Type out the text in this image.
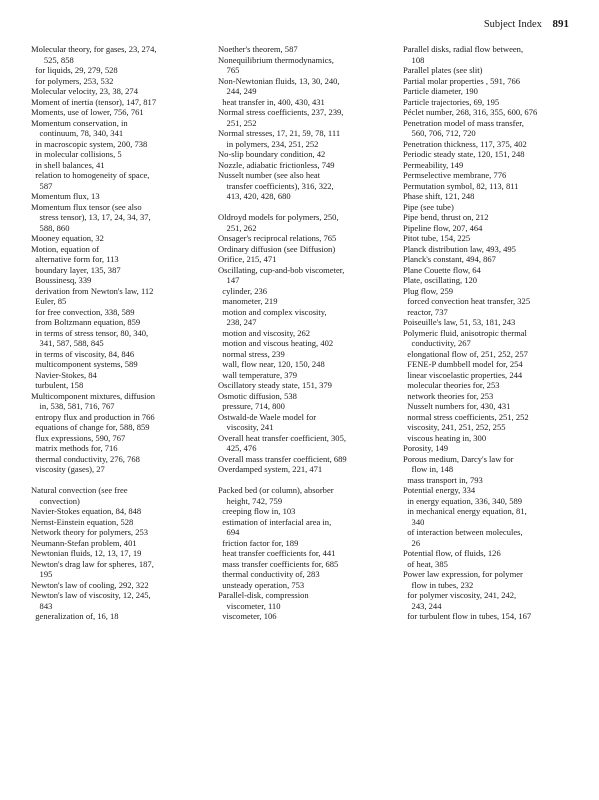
Subject Index 891
Molecular theory, for gases, 23, 274,
525, 858
for liquids, 29, 279, 528
for polymers, 253, 532
Molecular velocity, 23, 38, 274
Moment of inertia (tensor), 147, 817
Moments, use of lower, 756, 761
Momentum conservation, in
continuum, 78, 340, 341
in macroscopic system, 200, 738
in molecular collisions, 5
in shell balances, 41
relation to homogeneity of space,
587
Momentum flux, 13
Momentum flux tensor (see also
stress tensor), 13, 17, 24, 34, 37,
588, 860
Mooney equation, 32
Motion, equation of
alternative form for, 113
boundary layer, 135, 387
Boussinesq, 339
derivation from Newton's law, 112
Euler, 85
for free convection, 338, 589
from Boltzmann equation, 859
in terms of stress tensor, 80, 340,
341, 587, 588, 845
in terms of viscosity, 84, 846
multicomponent systems, 589
Navier-Stokes, 84
turbulent, 158
Multicomponent mixtures, diffusion
in, 538, 581, 716, 767
entropy flux and production in 766
equations of change for, 588, 859
flux expressions, 590, 767
matrix methods for, 716
thermal conductivity, 276, 768
viscosity (gases), 27
Natural convection (see free
convection)
Navier-Stokes equation, 84, 848
Nernst-Einstein equation, 528
Network theory for polymers, 253
Neumann-Stefan problem, 401
Newtonian fluids, 12, 13, 17, 19
Newton's drag law for spheres, 187,
195
Newton's law of cooling, 292, 322
Newton's law of viscosity, 12, 245,
843
generalization of, 16, 18
Noether's theorem, 587
Nonequilibrium thermodynamics,
765
Non-Newtonian fluids, 13, 30, 240,
244, 249
heat transfer in, 400, 430, 431
Normal stress coefficients, 237, 239,
251, 252
Normal stresses, 17, 21, 59, 78, 111
in polymers, 234, 251, 252
No-slip boundary condition, 42
Nozzle, adiabatic frictionless, 749
Nusselt number (see also heat
transfer coefficients), 316, 322,
413, 420, 428, 680
Oldroyd models for polymers, 250,
251, 262
Onsager's reciprocal relations, 765
Ordinary diffusion (see Diffusion)
Orifice, 215, 471
Oscillating, cup-and-bob viscometer,
147
cylinder, 236
manometer, 219
motion and complex viscosity,
238, 247
motion and viscosity, 262
motion and viscous heating, 402
normal stress, 239
wall, flow near, 120, 150, 248
wall temperature, 379
Oscillatory steady state, 151, 379
Osmotic diffusion, 538
pressure, 714, 800
Ostwald-de Waele model for
viscosity, 241
Overall heat transfer coefficient, 305,
425, 476
Overall mass transfer coefficient, 689
Overdamped system, 221, 471
Packed bed (or column), absorber
height, 742, 759
creeping flow in, 103
estimation of interfacial area in,
694
friction factor for, 189
heat transfer coefficients for, 441
mass transfer coefficients for, 685
thermal conductivity of, 283
unsteady operation, 753
Parallel-disk, compression
viscometer, 110
viscometer, 106
Parallel disks, radial flow between,
108
Parallel plates (see slit)
Partial molar properties , 591, 766
Particle diameter, 190
Particle trajectories, 69, 195
Péclet number, 268, 316, 355, 600, 676
Penetration model of mass transfer,
560, 706, 712, 720
Penetration thickness, 117, 375, 402
Periodic steady state, 120, 151, 248
Permeability, 149
Permselective membrane, 776
Permutation symbol, 82, 113, 811
Phase shift, 121, 248
Pipe (see tube)
Pipe bend, thrust on, 212
Pipeline flow, 207, 464
Pitot tube, 154, 225
Planck distribution law, 493, 495
Planck's constant, 494, 867
Plane Couette flow, 64
Plate, oscillating, 120
Plug flow, 259
forced convection heat transfer, 325
reactor, 737
Poiseuille's law, 51, 53, 181, 243
Polymeric fluid, anisotropic thermal
conductivity, 267
elongational flow of, 251, 252, 257
FENE-P dumbbell model for, 254
linear viscoelastic properties, 244
molecular theories for, 253
network theories for, 253
Nusselt numbers for, 430, 431
normal stress coefficients, 251, 252
viscosity, 241, 251, 252, 255
viscous heating in, 300
Porosity, 149
Porous medium, Darcy's law for
flow in, 148
mass transport in, 793
Potential energy, 334
in energy equation, 336, 340, 589
in mechanical energy equation, 81,
340
of interaction between molecules,
26
Potential flow, of fluids, 126
of heat, 385
Power law expression, for polymer
flow in tubes, 232
for polymer viscosity, 241, 242,
243, 244
for turbulent flow in tubes, 154, 167
